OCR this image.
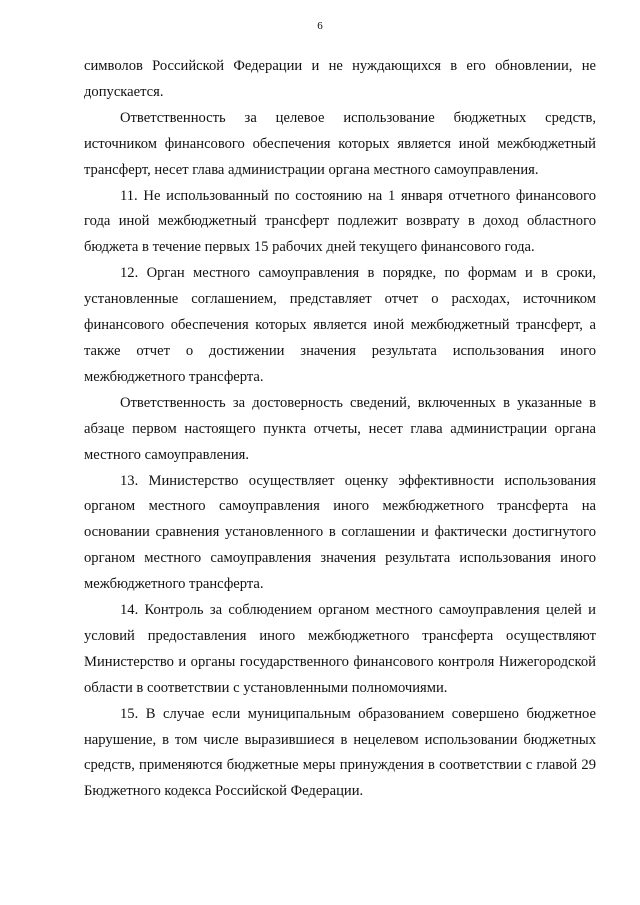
6

символов Российской Федерации и не нуждающихся в его обновлении, не допускается.

Ответственность за целевое использование бюджетных средств, источником финансового обеспечения которых является иной межбюджетный трансферт, несет глава администрации органа местного самоуправления.

11. Не использованный по состоянию на 1 января отчетного финансового года иной межбюджетный трансферт подлежит возврату в доход областного бюджета в течение первых 15 рабочих дней текущего финансового года.

12. Орган местного самоуправления в порядке, по формам и в сроки, установленные соглашением, представляет отчет о расходах, источником финансового обеспечения которых является иной межбюджетный трансферт, а также отчет о достижении значения результата использования иного межбюджетного трансферта.

Ответственность за достоверность сведений, включенных в указанные в абзаце первом настоящего пункта отчеты, несет глава администрации органа местного самоуправления.

13. Министерство осуществляет оценку эффективности использования органом местного самоуправления иного межбюджетного трансферта на основании сравнения установленного в соглашении и фактически достигнутого органом местного самоуправления значения результата использования иного межбюджетного трансферта.

14. Контроль за соблюдением органом местного самоуправления целей и условий предоставления иного межбюджетного трансферта осуществляют Министерство и органы государственного финансового контроля Нижегородской области в соответствии с установленными полномочиями.

15. В случае если муниципальным образованием совершено бюджетное нарушение, в том числе выразившиеся в нецелевом использовании бюджетных средств, применяются бюджетные меры принуждения в соответствии с главой 29 Бюджетного кодекса Российской Федерации.
